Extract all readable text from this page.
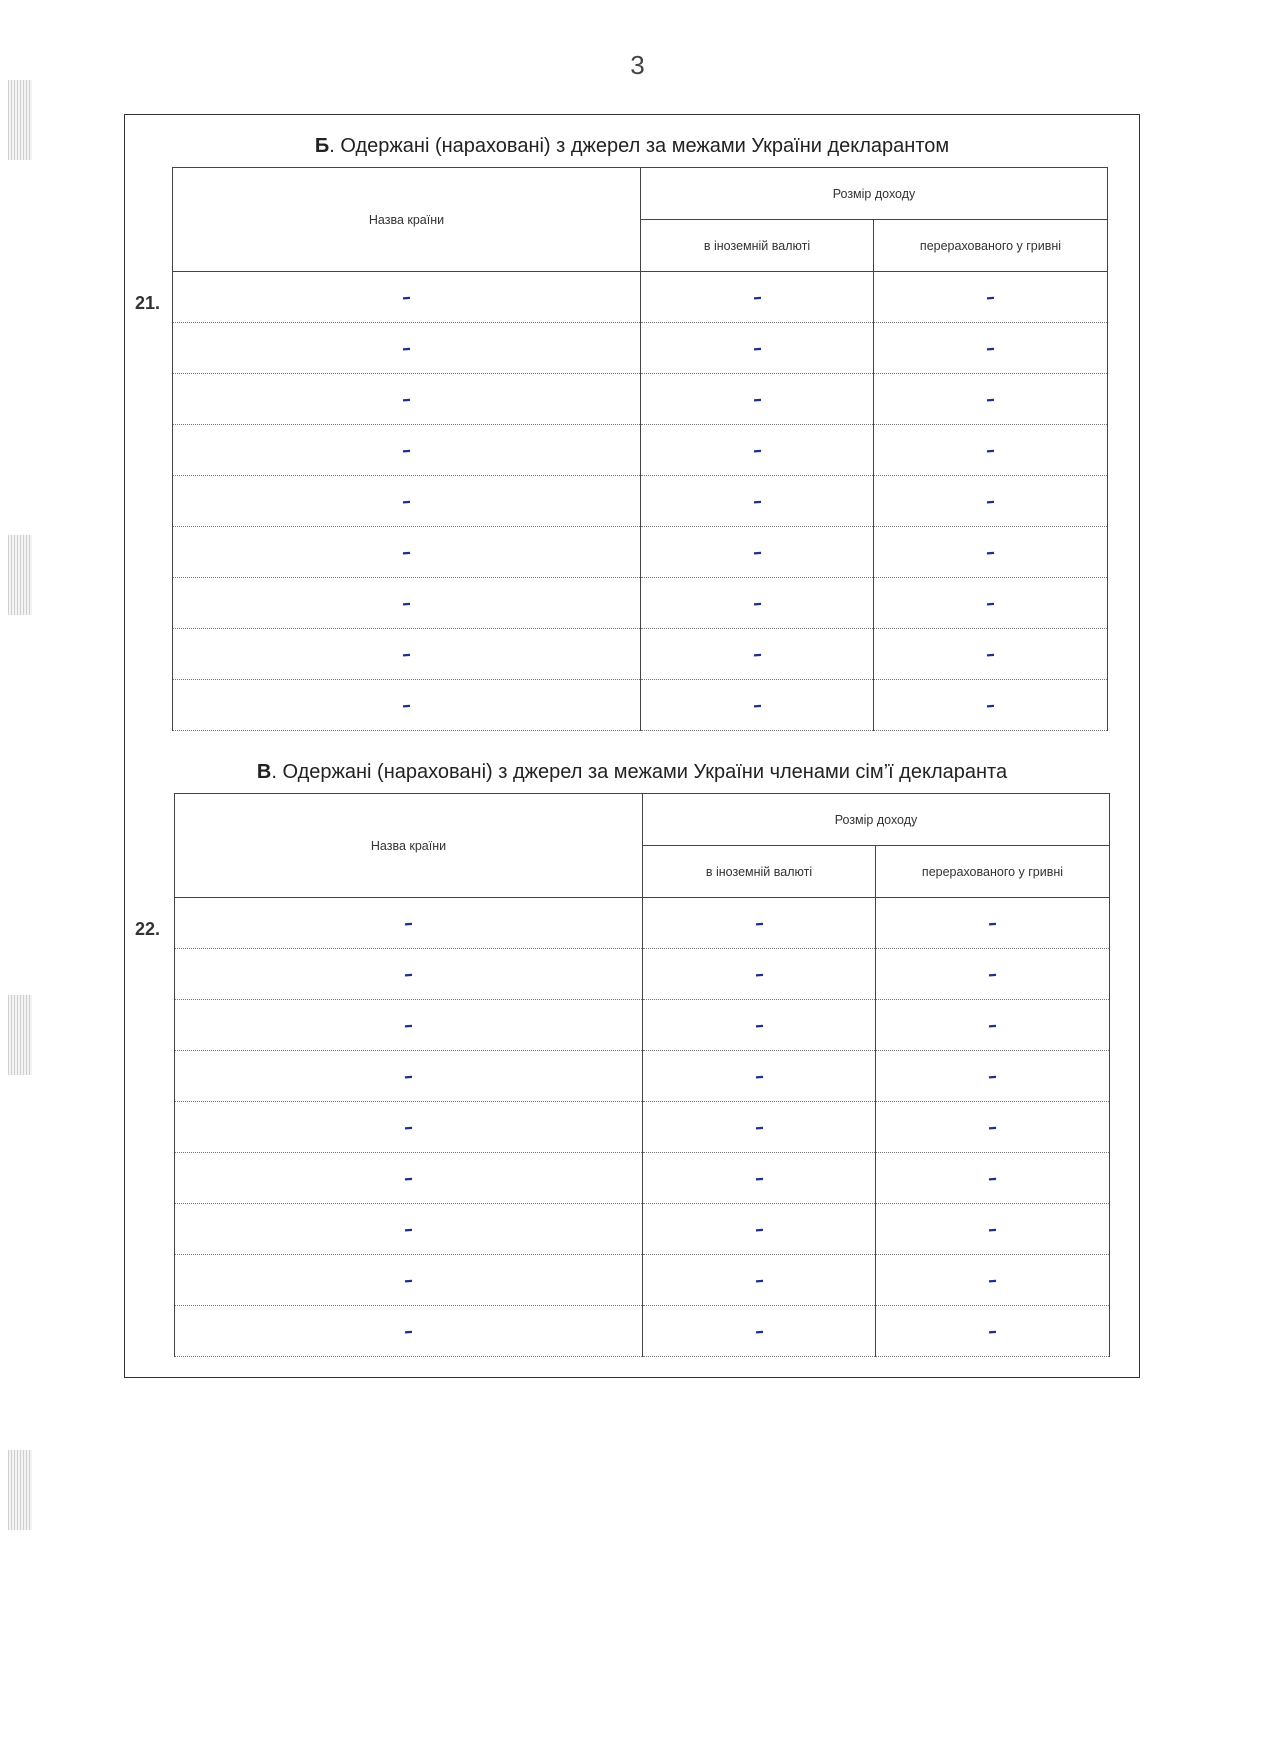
3
Б. Одержані (нараховані) з джерел за межами України декларантом
21.
Назва країни	Розмір доходу	
	в іноземній валюті	перерахованого у гривні
–	–	–
–	–	–
–	–	–
–	–	–
–	–	–
–	–	–
–	–	–
–	–	–
–	–	–
В. Одержані (нараховані) з джерел за межами України членами сім’ї декларанта
22.
Назва країни	Розмір доходу	
	в іноземній валюті	перерахованого у гривні
–	–	–
–	–	–
–	–	–
–	–	–
–	–	–
–	–	–
–	–	–
–	–	–
–	–	–
